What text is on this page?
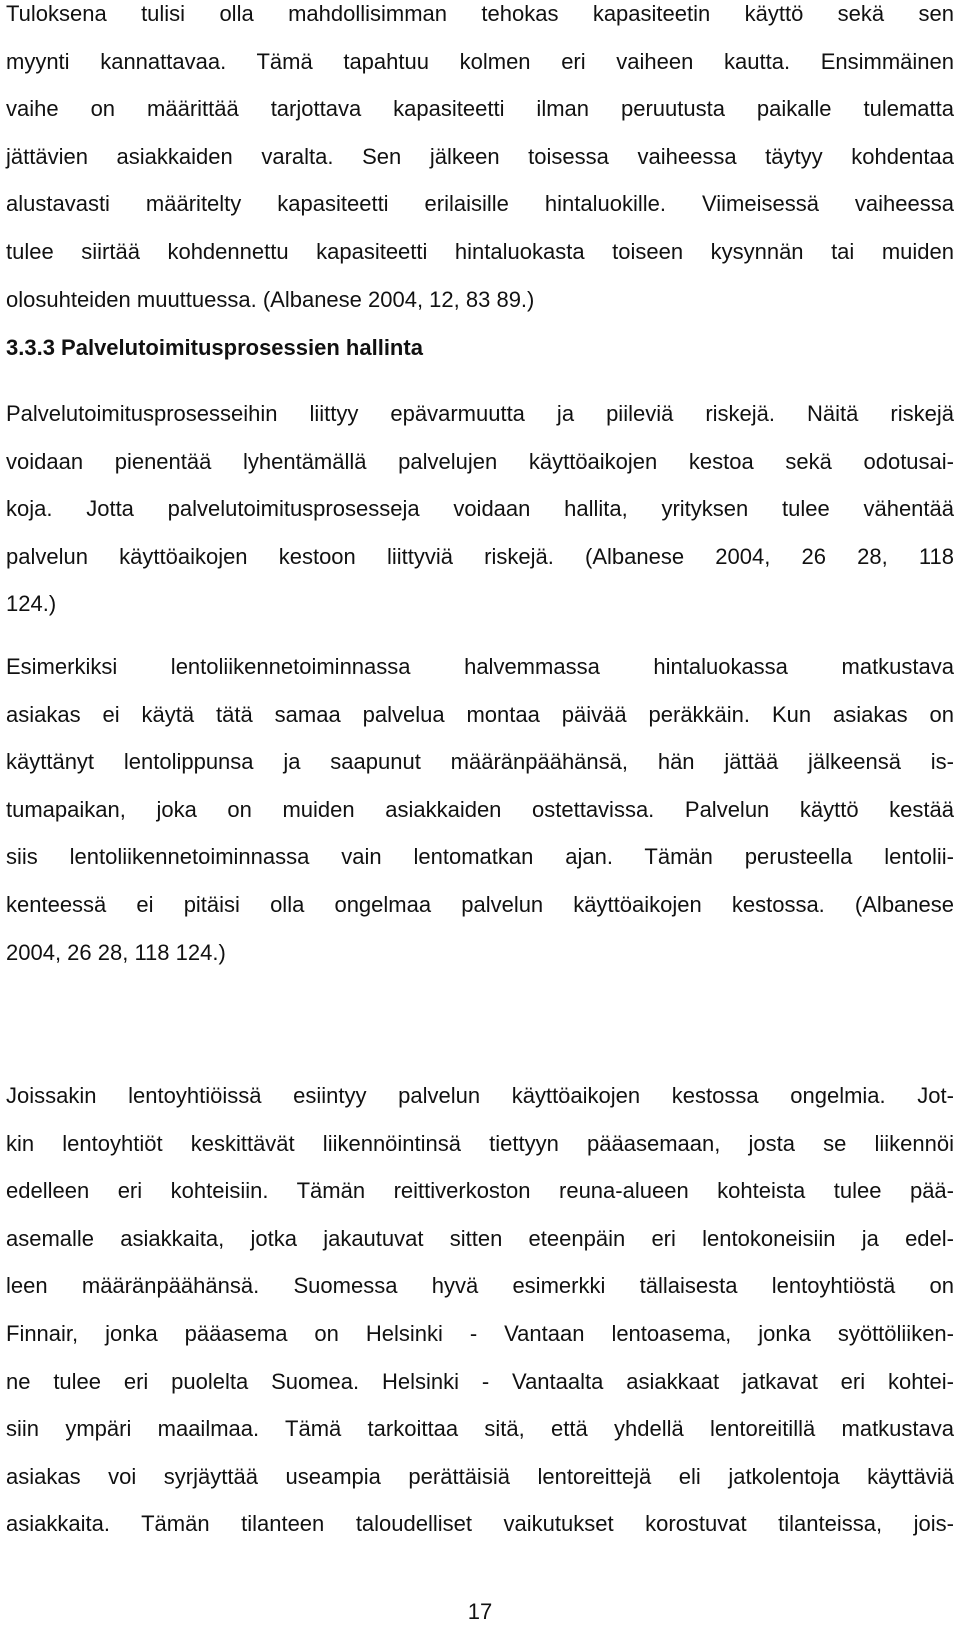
Tuloksena tulisi olla mahdollisimman tehokas kapasiteetin käyttö sekä sen
myynti kannattavaa. Tämä tapahtuu kolmen eri vaiheen kautta. Ensimmäinen
vaihe on määrittää tarjottava kapasiteetti ilman peruutusta paikalle tulematta
jättävien asiakkaiden varalta. Sen jälkeen toisessa vaiheessa täytyy kohdentaa
alustavasti määritelty kapasiteetti erilaisille hintaluokille. Viimeisessä vaiheessa
tulee siirtää kohdennettu kapasiteetti hintaluokasta toiseen kysynnän tai muiden
olosuhteiden muuttuessa. (Albanese 2004, 12, 83 89.)

3.3.3 Palvelutoimitusprosessien hallinta

Palvelutoimitusprosesseihin liittyy epävarmuutta ja piileviä riskejä. Näitä riskejä
voidaan pienentää lyhentämällä palvelujen käyttöaikojen kestoa sekä odotusai-
koja. Jotta palvelutoimitusprosesseja voidaan hallita, yrityksen tulee vähentää
palvelun käyttöaikojen kestoon liittyviä riskejä. (Albanese 2004, 26 28, 118
124.)

Esimerkiksi lentoliikennetoiminnassa halvemmassa hintaluokassa matkustava
asiakas ei käytä tätä samaa palvelua montaa päivää peräkkäin. Kun asiakas on
käyttänyt lentolippunsa ja saapunut määränpäähänsä, hän jättää jälkeensä is-
tumapaikan, joka on muiden asiakkaiden ostettavissa. Palvelun käyttö kestää
siis lentoliikennetoiminnassa vain lentomatkan ajan. Tämän perusteella lentolii-
kenteessä ei pitäisi olla ongelmaa palvelun käyttöaikojen kestossa. (Albanese
2004, 26 28, 118 124.)

Joissakin lentoyhtiöissä esiintyy palvelun käyttöaikojen kestossa ongelmia. Jot-
kin lentoyhtiöt keskittävät liikennöintinsä tiettyyn pääasemaan, josta se liikennöi
edelleen eri kohteisiin. Tämän reittiverkoston reuna-alueen kohteista tulee pää-
asemalle asiakkaita, jotka jakautuvat sitten eteenpäin eri lentokoneisiin ja edel-
leen määränpäähänsä. Suomessa hyvä esimerkki tällaisesta lentoyhtiöstä on
Finnair, jonka pääasema on Helsinki - Vantaan lentoasema, jonka syöttöliiken-
ne tulee eri puolelta Suomea. Helsinki - Vantaalta asiakkaat jatkavat eri kohtei-
siin ympäri maailmaa. Tämä tarkoittaa sitä, että yhdellä lentoreitillä matkustava
asiakas voi syrjäyttää useampia perättäisiä lentoreittejä eli jatkolentoja käyttäviä
asiakkaita. Tämän tilanteen taloudelliset vaikutukset korostuvat tilanteissa, jois-

17
